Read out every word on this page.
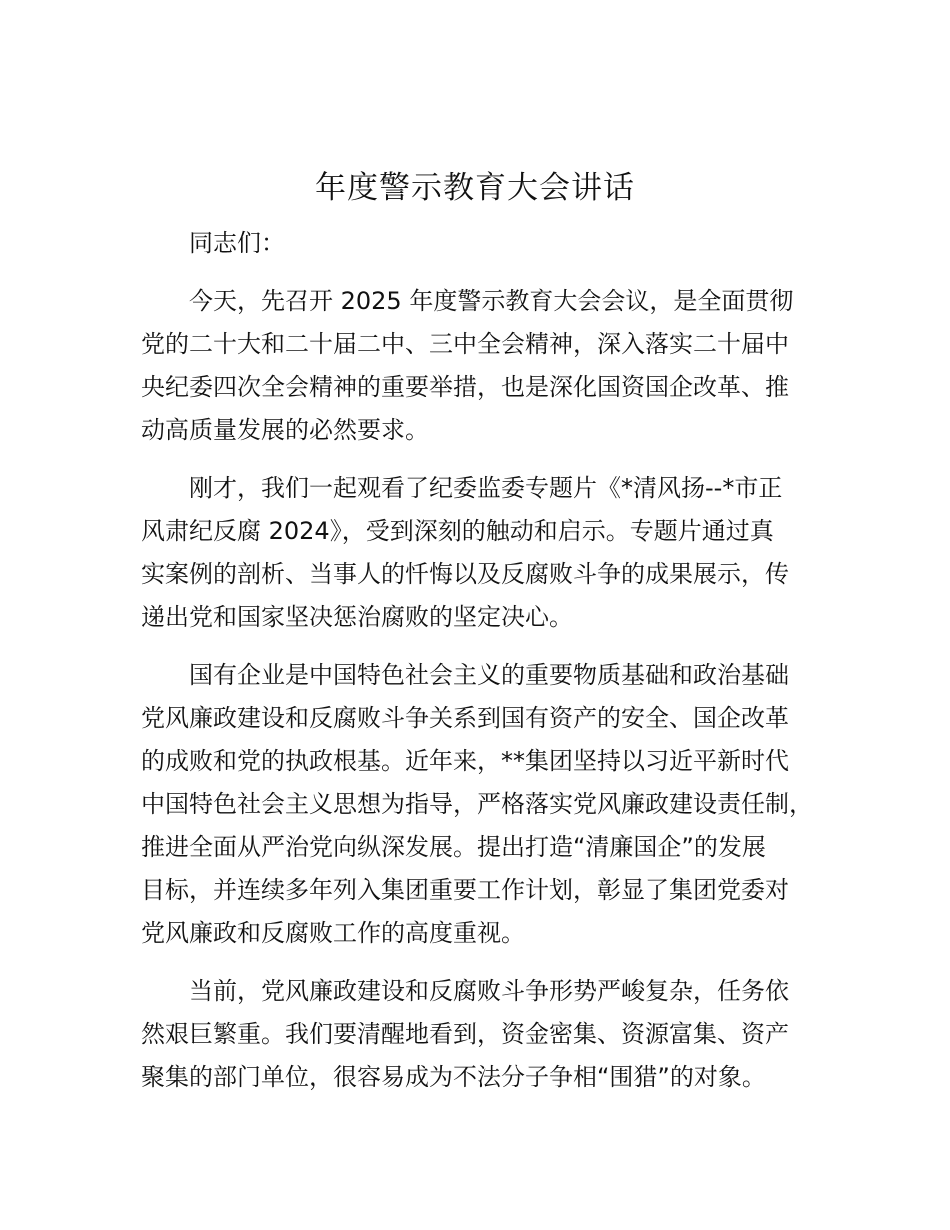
年度警示教育大会讲话

同志们：

今天，先召开 2025 年度警示教育大会会议，是全面贯彻
党的二十大和二十届二中、三中全会精神，深入落实二十届中
央纪委四次全会精神的重要举措，也是深化国资国企改革、推
动高质量发展的必然要求。

刚才，我们一起观看了纪委监委专题片《*清风扬--*市正
风肃纪反腐 2024》，受到深刻的触动和启示。专题片通过真
实案例的剖析、当事人的忏悔以及反腐败斗争的成果展示，传
递出党和国家坚决惩治腐败的坚定决心。

国有企业是中国特色社会主义的重要物质基础和政治基础
党风廉政建设和反腐败斗争关系到国有资产的安全、国企改革
的成败和党的执政根基。近年来，**集团坚持以习近平新时代
中国特色社会主义思想为指导，严格落实党风廉政建设责任制，
推进全面从严治党向纵深发展。提出打造“清廉国企”的发展
目标，并连续多年列入集团重要工作计划，彰显了集团党委对
党风廉政和反腐败工作的高度重视。

当前，党风廉政建设和反腐败斗争形势严峻复杂，任务依
然艰巨繁重。我们要清醒地看到，资金密集、资源富集、资产
聚集的部门单位，很容易成为不法分子争相“围猎”的对象。
